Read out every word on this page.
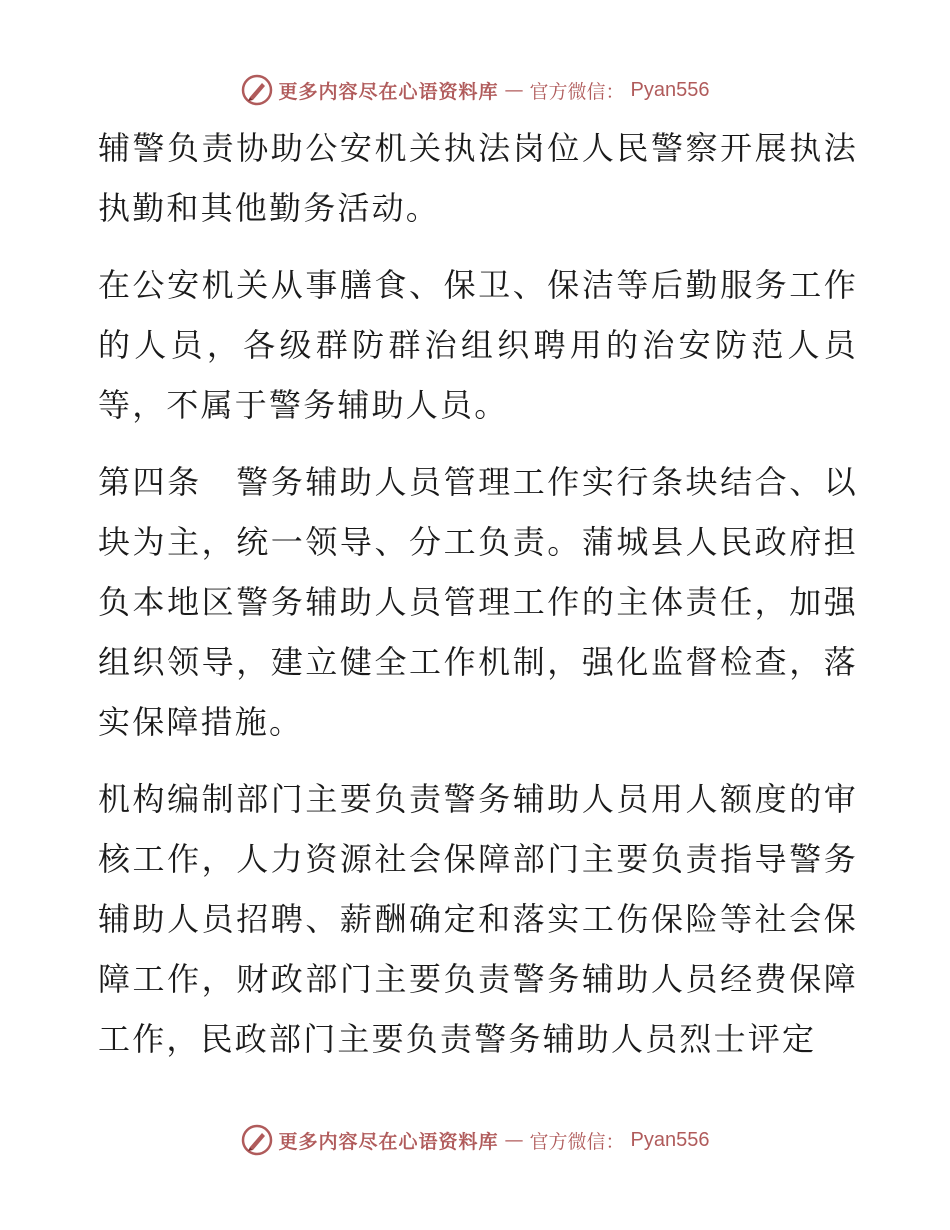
更多内容尽在心语资料库 — 官方微信： Pyan556

辅警负责协助公安机关执法岗位人民警察开展执法执勤和其他勤务活动。

在公安机关从事膳食、保卫、保洁等后勤服务工作的人员，各级群防群治组织聘用的治安防范人员等，不属于警务辅助人员。

第四条　警务辅助人员管理工作实行条块结合、以块为主，统一领导、分工负责。蒲城县人民政府担负本地区警务辅助人员管理工作的主体责任，加强组织领导，建立健全工作机制，强化监督检查，落实保障措施。

机构编制部门主要负责警务辅助人员用人额度的审核工作，人力资源社会保障部门主要负责指导警务辅助人员招聘、薪酬确定和落实工伤保险等社会保障工作，财政部门主要负责警务辅助人员经费保障工作，民政部门主要负责警务辅助人员烈士评定

更多内容尽在心语资料库 — 官方微信： Pyan556
